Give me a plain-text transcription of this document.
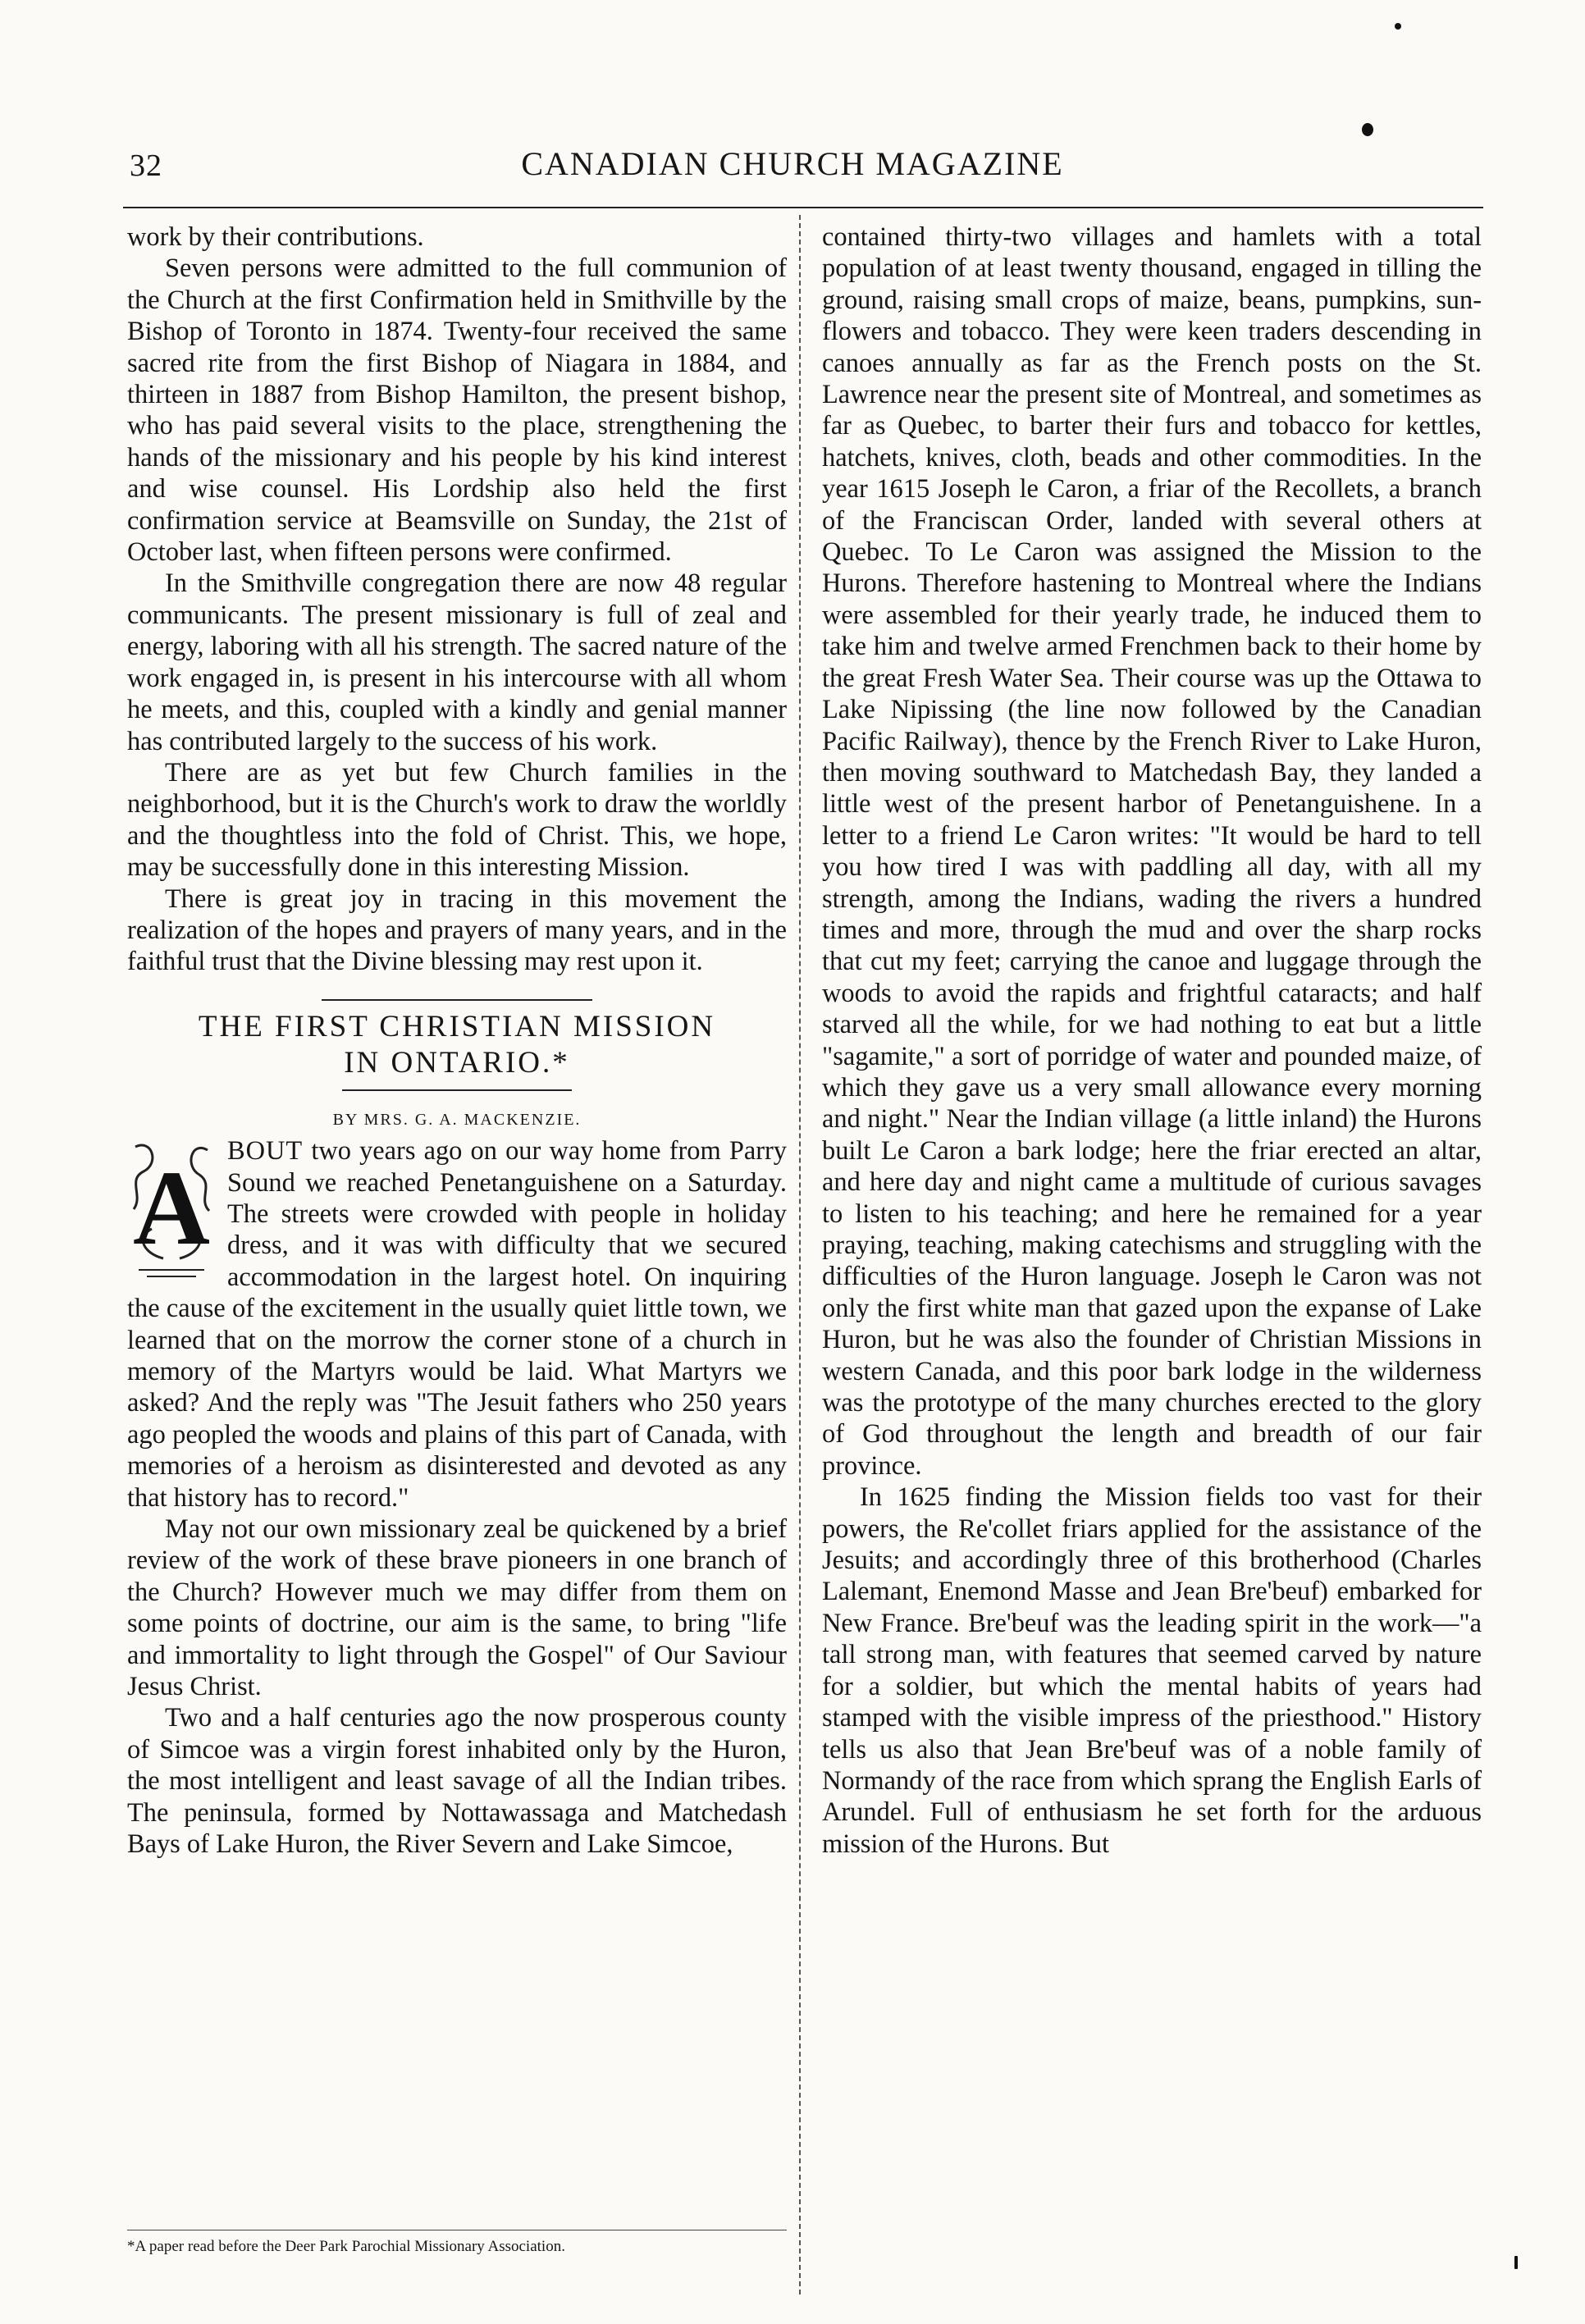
32	CANADIAN CHURCH MAGAZINE

work by their contributions.

Seven persons were admitted to the full communion of the Church at the first Confirmation held in Smithville by the Bishop of Toronto in 1874. Twenty-four received the same sacred rite from the first Bishop of Niagara in 1884, and thirteen in 1887 from Bishop Hamilton, the present bishop, who has paid several visits to the place, strengthening the hands of the missionary and his people by his kind interest and wise counsel. His Lordship also held the first confirmation service at Beamsville on Sunday, the 21st of October last, when fifteen persons were confirmed.

In the Smithville congregation there are now 48 regular communicants. The present missionary is full of zeal and energy, laboring with all his strength. The sacred nature of the work engaged in, is present in his intercourse with all whom he meets, and this, coupled with a kindly and genial manner has contributed largely to the success of his work.

There are as yet but few Church families in the neighborhood, but it is the Church's work to draw the worldly and the thoughtless into the fold of Christ. This, we hope, may be successfully done in this interesting Mission.

There is great joy in tracing in this movement the realization of the hopes and prayers of many years, and in the faithful trust that the Divine blessing may rest upon it.

THE FIRST CHRISTIAN MISSION

IN ONTARIO.*

BY MRS. G. A. MACKENZIE.

A BOUT two years ago on our way home from Parry Sound we reached Penetanguishene on a Saturday. The streets were crowded with people in holiday dress, and it was with difficulty that we secured accommodation in the largest hotel. On inquiring the cause of the excitement in the usually quiet little town, we learned that on the morrow the corner stone of a church in memory of the Martyrs would be laid. What Martyrs we asked? And the reply was "The Jesuit fathers who 250 years ago peopled the woods and plains of this part of Canada, with memories of a heroism as disinterested and devoted as any that history has to record."

May not our own missionary zeal be quickened by a brief review of the work of these brave pioneers in one branch of the Church? However much we may differ from them on some points of doctrine, our aim is the same, to bring "life and immortality to light through the Gospel" of Our Saviour Jesus Christ.

Two and a half centuries ago the now prosperous county of Simcoe was a virgin forest inhabited only by the Huron, the most intelligent and least savage of all the Indian tribes. The peninsula, formed by Nottawassaga and Matchedash Bays of Lake Huron, the River Severn and Lake Simcoe,

*A paper read before the Deer Park Parochial Missionary Association.

contained thirty-two villages and hamlets with a total population of at least twenty thousand, engaged in tilling the ground, raising small crops of maize, beans, pumpkins, sun-flowers and tobacco. They were keen traders descending in canoes annually as far as the French posts on the St. Lawrence near the present site of Montreal, and sometimes as far as Quebec, to barter their furs and tobacco for kettles, hatchets, knives, cloth, beads and other commodities. In the year 1615 Joseph le Caron, a friar of the Recollets, a branch of the Franciscan Order, landed with several others at Quebec. To Le Caron was assigned the Mission to the Hurons. Therefore hastening to Montreal where the Indians were assembled for their yearly trade, he induced them to take him and twelve armed Frenchmen back to their home by the great Fresh Water Sea. Their course was up the Ottawa to Lake Nipissing (the line now followed by the Canadian Pacific Railway), thence by the French River to Lake Huron, then moving southward to Matchedash Bay, they landed a little west of the present harbor of Penetanguishene. In a letter to a friend Le Caron writes: "It would be hard to tell you how tired I was with paddling all day, with all my strength, among the Indians, wading the rivers a hundred times and more, through the mud and over the sharp rocks that cut my feet; carrying the canoe and luggage through the woods to avoid the rapids and frightful cataracts; and half starved all the while, for we had nothing to eat but a little "sagamite," a sort of porridge of water and pounded maize, of which they gave us a very small allowance every morning and night." Near the Indian village (a little inland) the Hurons built Le Caron a bark lodge; here the friar erected an altar, and here day and night came a multitude of curious savages to listen to his teaching; and here he remained for a year praying, teaching, making catechisms and struggling with the difficulties of the Huron language. Joseph le Caron was not only the first white man that gazed upon the expanse of Lake Huron, but he was also the founder of Christian Missions in western Canada, and this poor bark lodge in the wilderness was the prototype of the many churches erected to the glory of God throughout the length and breadth of our fair province.

In 1625 finding the Mission fields too vast for their powers, the Re'collet friars applied for the assistance of the Jesuits; and accordingly three of this brotherhood (Charles Lalemant, Enemond Masse and Jean Bre'beuf) embarked for New France. Bre'beuf was the leading spirit in the work—"a tall strong man, with features that seemed carved by nature for a soldier, but which the mental habits of years had stamped with the visible impress of the priesthood." History tells us also that Jean Bre'beuf was of a noble family of Normandy of the race from which sprang the English Earls of Arundel. Full of enthusiasm he set forth for the arduous mission of the Hurons. But
